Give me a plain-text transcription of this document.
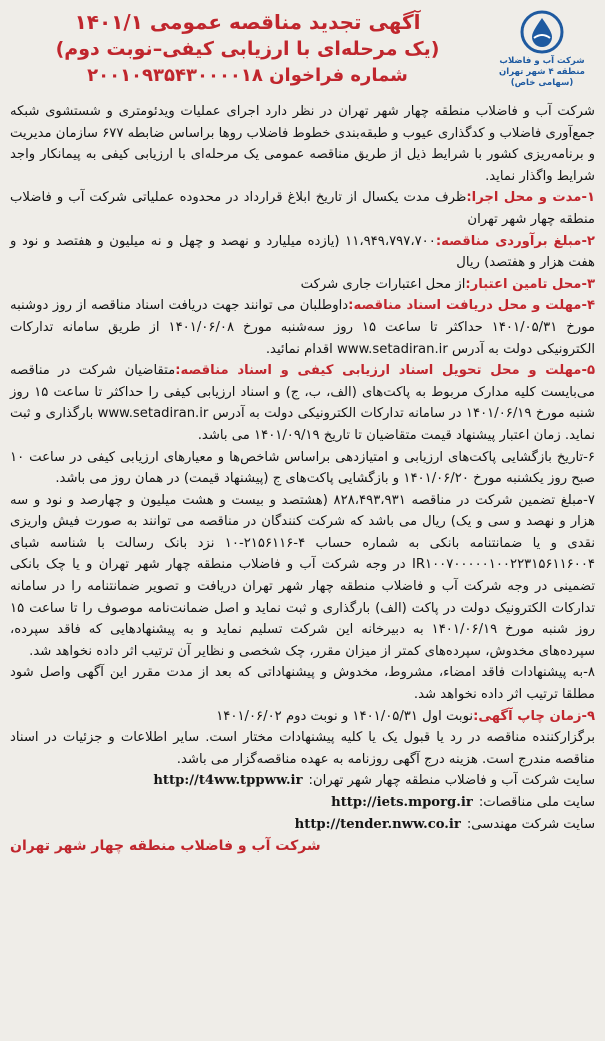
شرکت آب و فاضلاب
منطقه ۴ شهر تهران
(سهامی خاص)
آگهی تجدید مناقصه عمومی ۱۴۰۱/۱
(یک مرحله‌ای با ارزیابی کیفی–نوبت دوم)
شماره فراخوان ۲۰۰۱۰۹۳۵۴۳۰۰۰۰۱۸

شرکت آب و فاضلاب منطقه چهار شهر تهران در نظر دارد اجرای عملیات ویدئومتری و شستشوی شبکه جمع‌آوری فاضلاب و کدگذاری عیوب و طبقه‌بندی خطوط فاضلاب روها براساس ضابطه ۶۷۷ سازمان مدیریت و برنامه‌ریزی کشور با شرایط ذیل از طریق مناقصه عمومی یک مرحله‌ای با ارزیابی کیفی به پیمانکار واجد شرایط واگذار نماید.

۱-مدت و محل اجرا:ظرف مدت یکسال از تاریخ ابلاغ قرارداد در محدوده عملیاتی شرکت آب و فاضلاب منطقه چهار شهر تهران

۲-مبلغ برآوردی مناقصه:۱۱،۹۴۹،۷۹۷،۷۰۰ (یازده میلیارد و نهصد و چهل و نه میلیون و هفتصد و نود و هفت هزار و هفتصد) ریال

۳-محل تامین اعتبار:از محل اعتبارات جاری شرکت

۴-مهلت و محل دریافت اسناد مناقصه:داوطلبان می توانند جهت دریافت اسناد مناقصه از روز دوشنبه مورخ ۱۴۰۱/۰۵/۳۱ حداکثر تا ساعت ۱۵ روز سه‌شنبه مورخ ۱۴۰۱/۰۶/۰۸ از طریق سامانه تدارکات الکترونیکی دولت به آدرس www.setadiran.ir اقدام نمائید.

۵-مهلت و محل تحویل اسناد ارزیابی کیفی و اسناد مناقصه:متقاضیان شرکت در مناقصه می‌بایست کلیه مدارک مربوط به پاکت‌های (الف، ب، ج) و اسناد ارزیابی کیفی را حداکثر تا ساعت ۱۵ روز شنبه مورخ ۱۴۰۱/۰۶/۱۹ در سامانه تدارکات الکترونیکی دولت به آدرس www.setadiran.ir بارگذاری و ثبت نماید. زمان اعتبار پیشنهاد قیمت متقاضیان تا تاریخ ۱۴۰۱/۰۹/۱۹ می باشد.

۶-تاریخ بازگشایی پاکت‌های ارزیابی و امتیازدهی براساس شاخص‌ها و معیارهای ارزیابی کیفی در ساعت ۱۰ صبح روز یکشنبه مورخ ۱۴۰۱/۰۶/۲۰ و بازگشایی پاکت‌های ج (پیشنهاد قیمت) در همان روز می باشد.

۷-مبلغ تضمین شرکت در مناقصه ۸۲۸،۴۹۳،۹۳۱ (هشتصد و بیست و هشت میلیون و چهارصد و نود و سه هزار و نهصد و سی و یک) ریال می باشد که شرکت کنندگان در مناقصه می توانند به صورت فیش واریزی نقدی و یا ضمانتنامه بانکی به شماره حساب ۴-۲۱۵۶۱۱۶-۱۰ نزد بانک رسالت با شناسه شبای IR۱۰۰۷۰۰۰۰۰۱۰۰۲۲۳۱۵۶۱۱۶۰۰۴ در وجه شرکت آب و فاضلاب منطقه چهار شهر تهران و یا چک بانکی تضمینی در وجه شرکت آب و فاضلاب منطقه چهار شهر تهران دریافت و تصویر ضمانتنامه را در سامانه تدارکات الکترونیک دولت در پاکت (الف) بارگذاری و ثبت نماید و اصل ضمانت‌نامه موصوف را تا ساعت ۱۵ روز شنبه مورخ ۱۴۰۱/۰۶/۱۹ به دبیرخانه این شرکت تسلیم نماید و به پیشنهادهایی که فاقد سپرده، سپرده‌های مخدوش، سپرده‌های کمتر از میزان مقرر، چک شخصی و نظایر آن ترتیب اثر داده نخواهد شد.

۸-به پیشنهادات فاقد امضاء، مشروط، مخدوش و پیشنهاداتی که بعد از مدت مقرر این آگهی واصل شود مطلقا ترتیب اثر داده نخواهد شد.

۹-زمان چاپ آگهی:نوبت اول ۱۴۰۱/۰۵/۳۱ و نوبت دوم ۱۴۰۱/۰۶/۰۲

برگزارکننده مناقصه در رد یا قبول یک یا کلیه پیشنهادات مختار است. سایر اطلاعات و جزئیات در اسناد مناقصه مندرج است. هزینه درج آگهی روزنامه به عهده مناقصه‌گزار می باشد.

سایت شرکت آب و فاضلاب منطقه چهار شهر تهران:
http://t4ww.tppww.ir
سایت ملی مناقصات:
http://iets.mporg.ir
سایت شرکت مهندسی:
http://tender.nww.co.ir
شرکت آب و فاضلاب منطقه چهار شهر تهران
